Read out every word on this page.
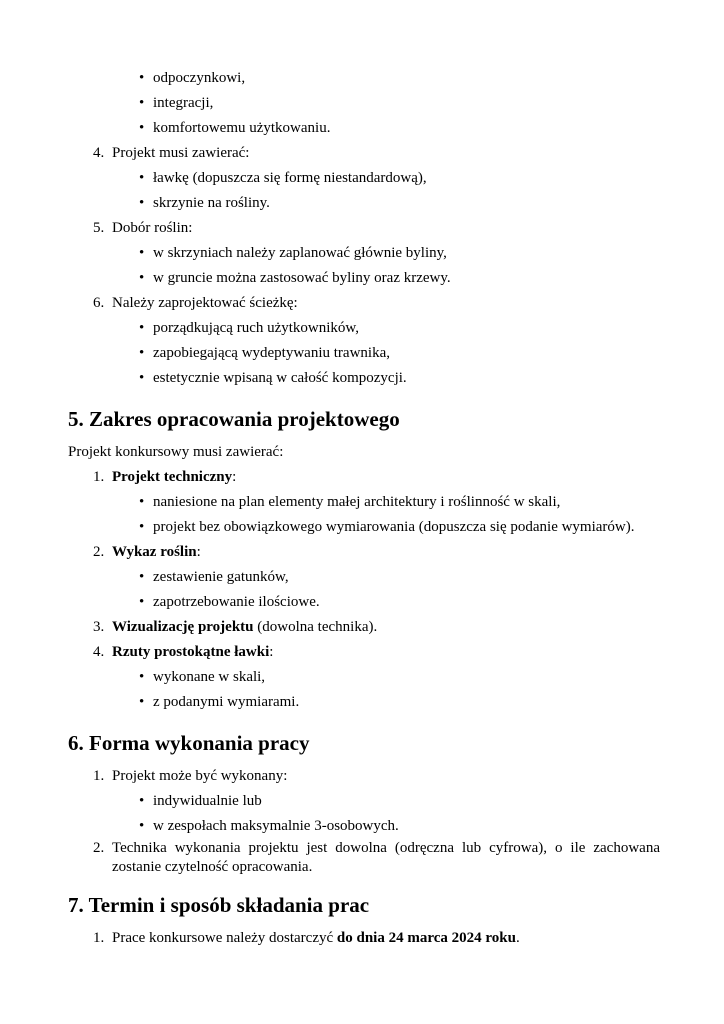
• odpoczynkowi,
• integracji,
• komfortowemu użytkowaniu.
4. Projekt musi zawierać:
• ławkę (dopuszcza się formę niestandardową),
• skrzynie na rośliny.
5. Dobór roślin:
• w skrzyniach należy zaplanować głównie byliny,
• w gruncie można zastosować byliny oraz krzewy.
6. Należy zaprojektować ścieżkę:
• porządkującą ruch użytkowników,
• zapobiegającą wydeptywaniu trawnika,
• estetycznie wpisaną w całość kompozycji.
5. Zakres opracowania projektowego
Projekt konkursowy musi zawierać:
1. Projekt techniczny:
• naniesione na plan elementy małej architektury i roślinność w skali,
• projekt bez obowiązkowego wymiarowania (dopuszcza się podanie wymiarów).
2. Wykaz roślin:
• zestawienie gatunków,
• zapotrzebowanie ilościowe.
3. Wizualizację projektu (dowolna technika).
4. Rzuty prostokątne ławki:
• wykonane w skali,
• z podanymi wymiarami.
6. Forma wykonania pracy
1. Projekt może być wykonany:
• indywidualnie lub
• w zespołach maksymalnie 3-osobowych.
2. Technika wykonania projektu jest dowolna (odręczna lub cyfrowa), o ile zachowana
zostanie czytelność opracowania.
7. Termin i sposób składania prac
1. Prace konkursowe należy dostarczyć do dnia 24 marca 2024 roku.
